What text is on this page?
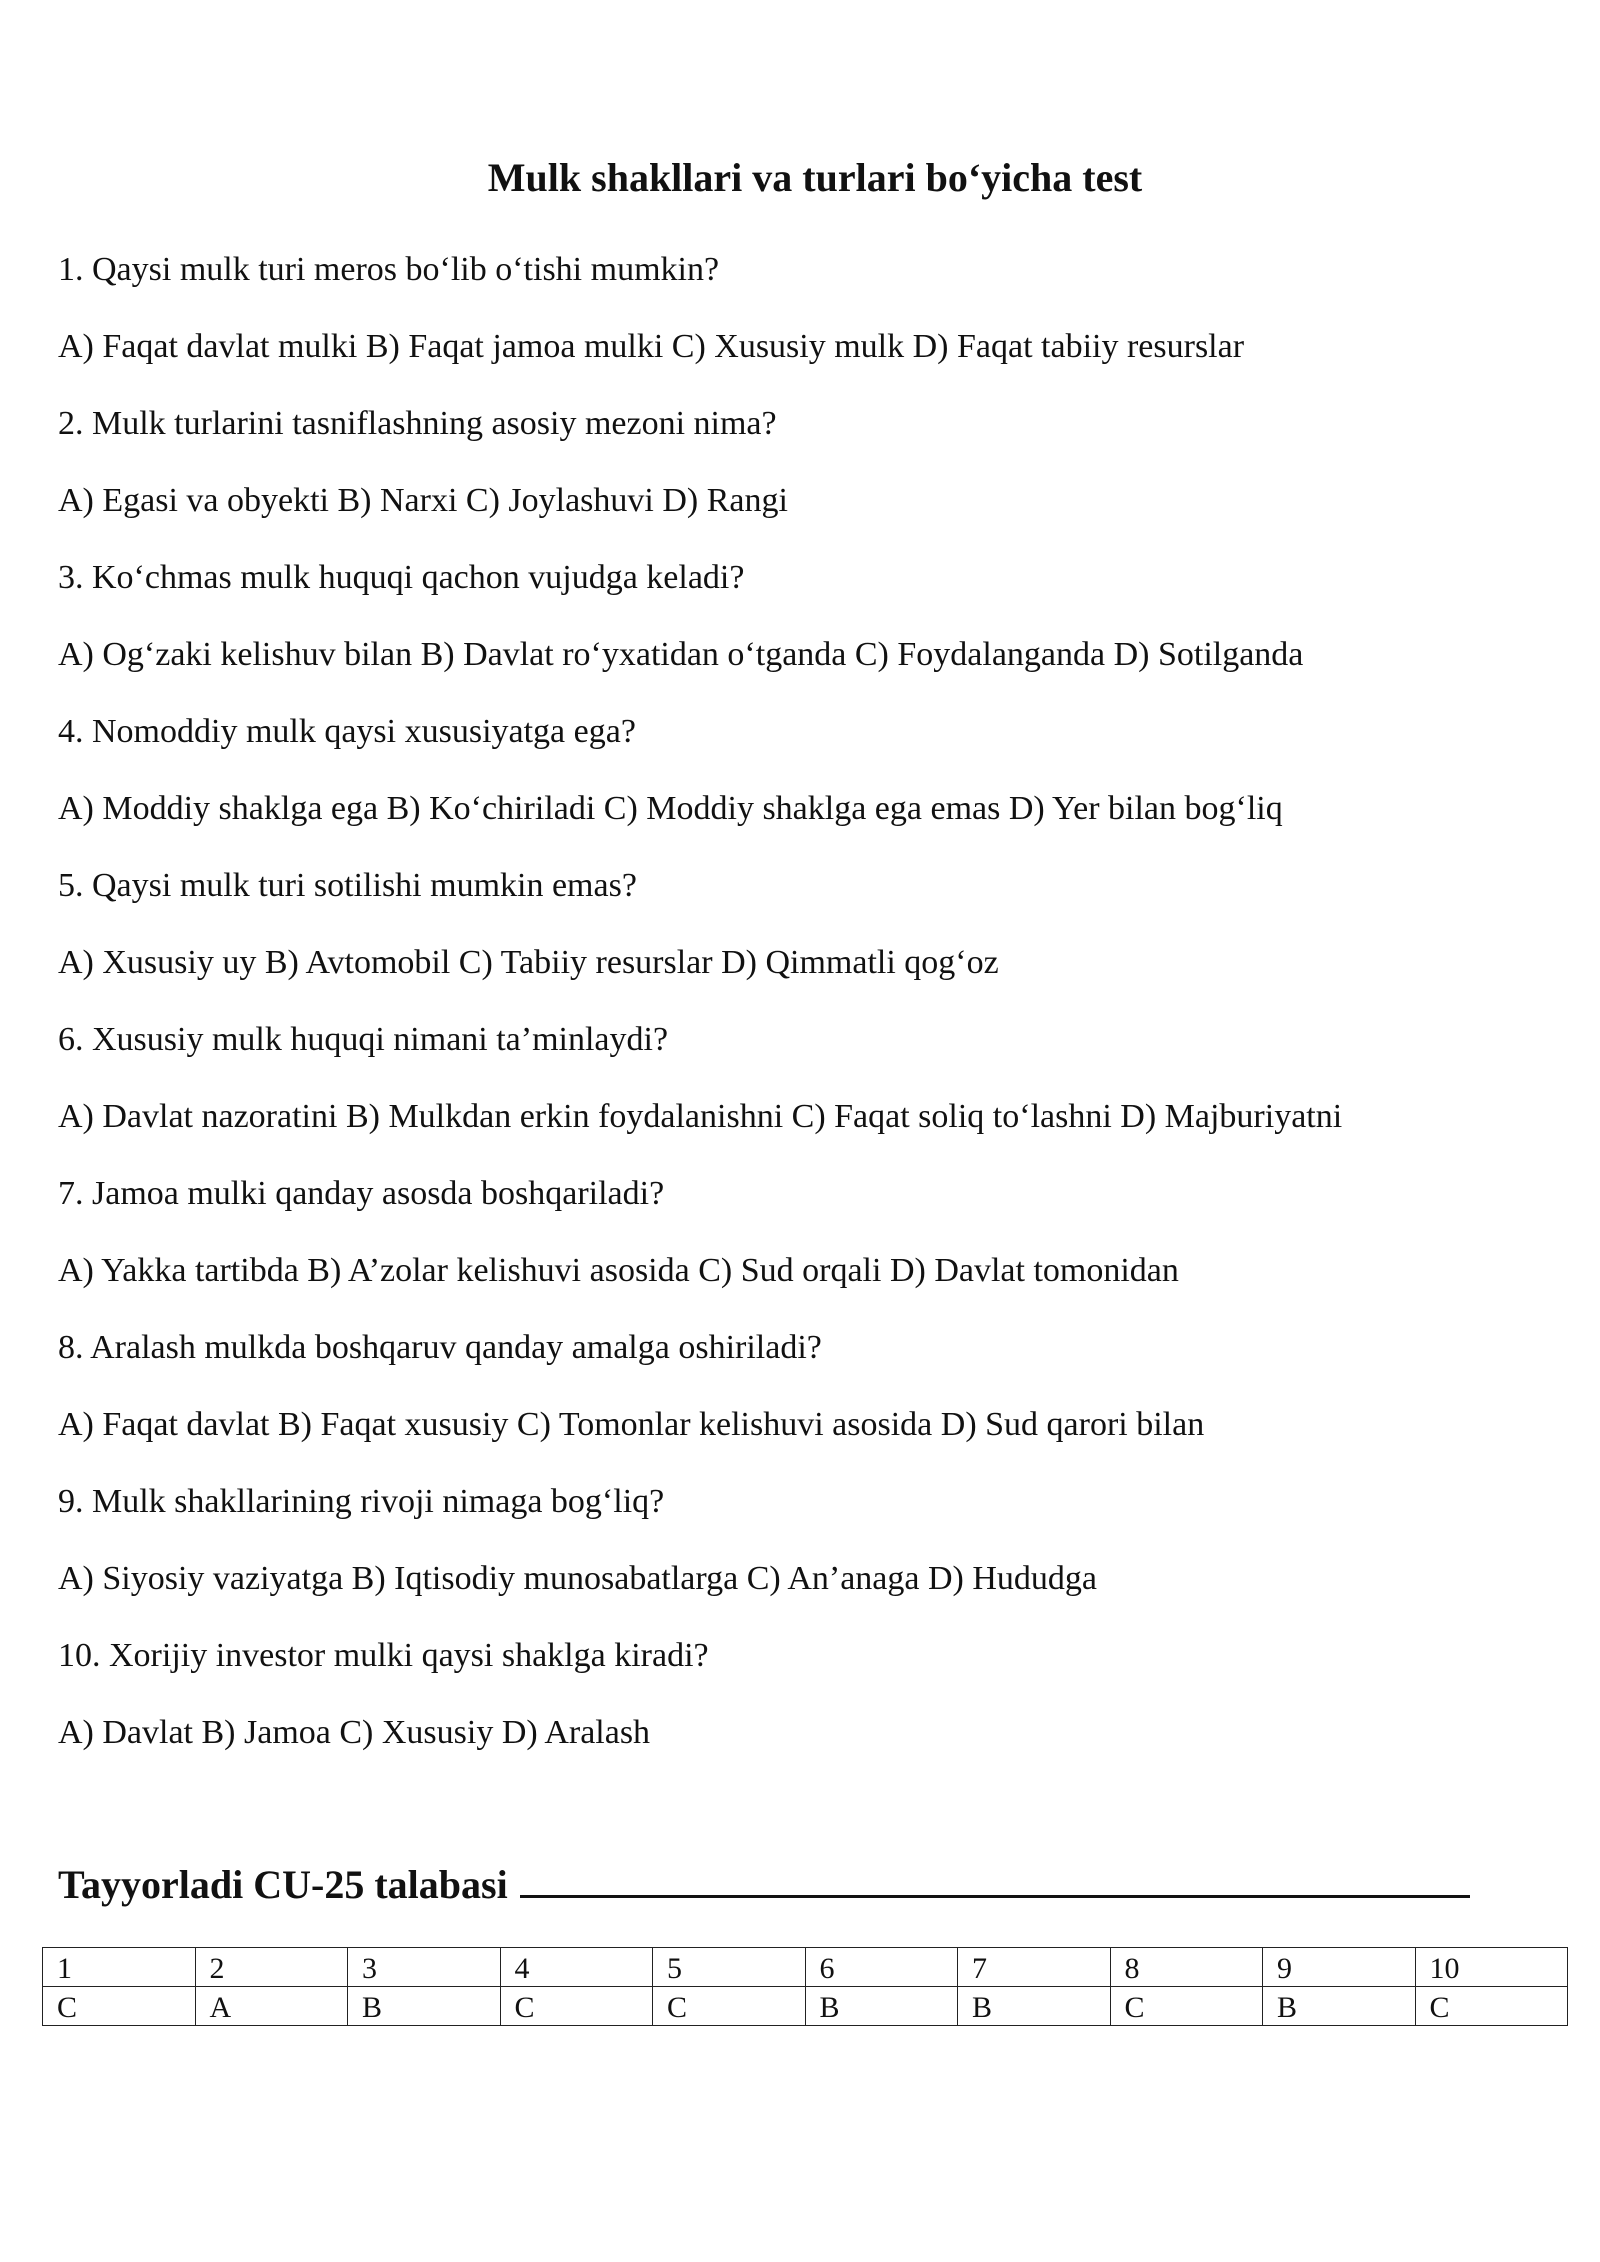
Mulk shakllari va turlari bo‘yicha test
1. Qaysi mulk turi meros bo‘lib o‘tishi mumkin?
A) Faqat davlat mulki B) Faqat jamoa mulki C) Xususiy mulk D) Faqat tabiiy resurslar
2. Mulk turlarini tasniflashning asosiy mezoni nima?
A) Egasi va obyekti B) Narxi C) Joylashuvi D) Rangi
3. Ko‘chmas mulk huquqi qachon vujudga keladi?
A) Og‘zaki kelishuv bilan B) Davlat ro‘yxatidan o‘tganda C) Foydalanganda D) Sotilganda
4. Nomoddiy mulk qaysi xususiyatga ega?
A) Moddiy shaklga ega B) Ko‘chiriladi C) Moddiy shaklga ega emas D) Yer bilan bog‘liq
5. Qaysi mulk turi sotilishi mumkin emas?
A) Xususiy uy B) Avtomobil C) Tabiiy resurslar D) Qimmatli qog‘oz
6. Xususiy mulk huquqi nimani ta’minlaydi?
A) Davlat nazoratini B) Mulkdan erkin foydalanishni C) Faqat soliq to‘lashni D) Majburiyatni
7. Jamoa mulki qanday asosda boshqariladi?
A) Yakka tartibda B) A’zolar kelishuvi asosida C) Sud orqali D) Davlat tomonidan
8. Aralash mulkda boshqaruv qanday amalga oshiriladi?
A) Faqat davlat B) Faqat xususiy C) Tomonlar kelishuvi asosida D) Sud qarori bilan
9. Mulk shakllarining rivoji nimaga bog‘liq?
A) Siyosiy vaziyatga B) Iqtisodiy munosabatlarga C) An’anaga D) Hududga
10. Xorijiy investor mulki qaysi shaklga kiradi?
A) Davlat B) Jamoa C) Xususiy D) Aralash
Tayyorladi CU-25 talabasi
1	2	3	4	5	6	7	8	9	10
C	A	B	C	C	B	B	C	B	C
